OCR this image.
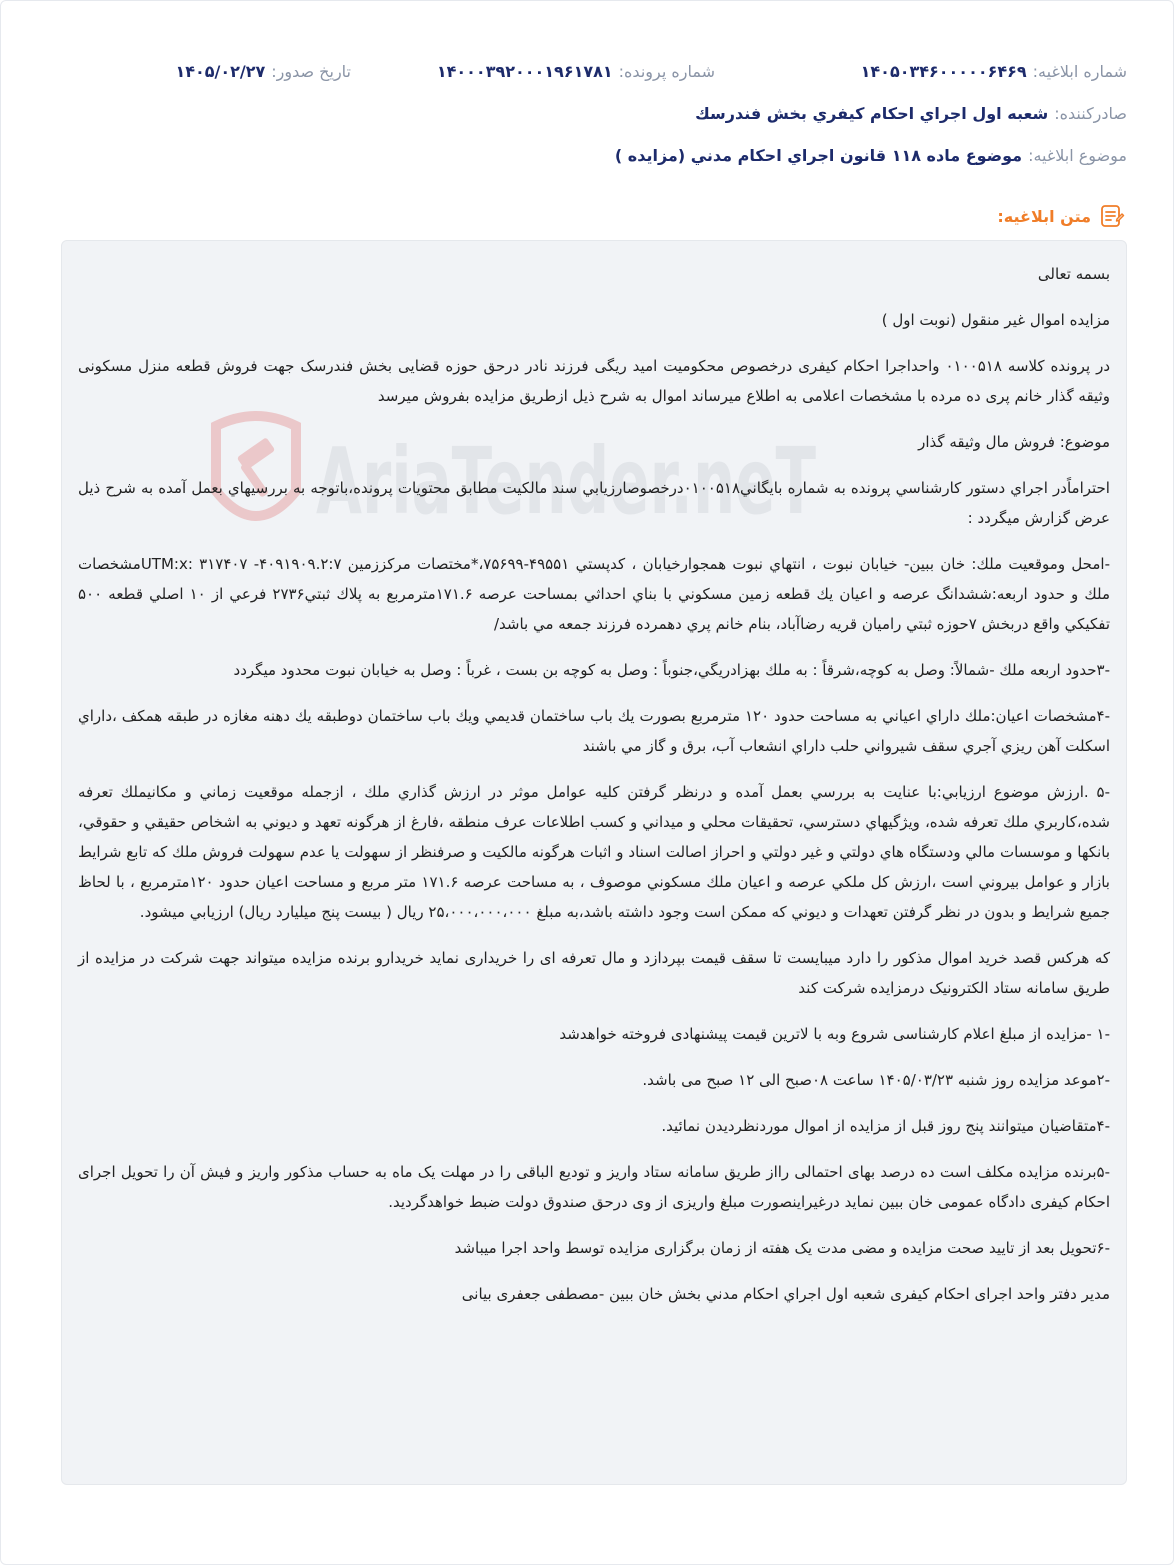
شماره ابلاغیه:
۱۴۰۵۰۳۴۶۰۰۰۰۰۶۴۶۹
شماره پرونده:
۱۴۰۰۰۳۹۲۰۰۰۱۹۶۱۷۸۱
تاریخ صدور:
۱۴۰۵/۰۲/۲۷
صادرکننده:
شعبه اول اجراي احكام كيفري بخش فندرسك
موضوع ابلاغیه:
موضوع ماده ۱۱۸ قانون اجراي احكام مدني (مزايده )
متن ابلاغیه:
AriaTender.neT

بسمه تعالی

مزایده اموال غیر منقول (نوبت اول )

در پرونده کلاسه ۰۱۰۰۵۱۸ واحداجرا احکام کیفری درخصوص محکومیت امید ریگی فرزند نادر درحق حوزه قضایی بخش فندرسک جهت فروش قطعه منزل مسکونی وثیقه گذار خانم پری ده مرده با مشخصات اعلامی به اطلاع میرساند اموال به شرح ذیل ازطریق مزایده بفروش میرسد

موضوع: فروش مال وثیقه گذار

احتراماًدر اجراي دستور كارشناسي پرونده به شماره بايگاني۰۱۰۰۵۱۸درخصوصارزيابي سند مالكيت مطابق محتويات پرونده،باتوجه به بررسيهاي بعمل آمده به شرح ذيل عرض گزارش ميگردد :

-امحل وموقعيت ملك: خان ببين- خيابان نبوت ، انتهاي نبوت همجوارخيابان ، كدپستي ۴۹۵۵۱-۷۵۶۹۹،*مختصات مركززمين UTM:x: ۳۱۷۴۰۷ -۴۰۹۱۹۰۹.۲:۷مشخصات ملك و حدود اربعه:ششدانگ عرصه و اعيان يك قطعه زمين مسكوني با بناي احداثي بمساحت عرصه ۱۷۱.۶مترمربع به پلاك ثبتي۲۷۳۶ فرعي از ۱۰ اصلي قطعه ۵۰۰ تفكيكي واقع دربخش ۷حوزه ثبتي راميان قريه رضاآباد، بنام خانم پري دهمرده فرزند جمعه مي باشد/

-۳حدود اربعه ملك -شمالاً: وصل به كوچه،شرقاً : به ملك بهزادريگي،جنوباً : وصل به كوچه بن بست ، غرباً : وصل به خيابان نبوت محدود ميگردد

-۴مشخصات اعيان:ملك داراي اعياني به مساحت حدود ۱۲۰ مترمربع بصورت يك باب ساختمان قديمي ويك باب ساختمان دوطبقه يك دهنه مغازه در طبقه همكف ،داراي اسكلت آهن ريزي آجري سقف شيرواني حلب داراي انشعاب آب، برق و گاز مي باشند

-۵ .ارزش موضوع ارزيابي:با عنايت به بررسي بعمل آمده و درنظر گرفتن كليه عوامل موثر در ارزش گذاري ملك ، ازجمله موقعيت زماني و مكانيملك تعرفه شده،كاربري ملك تعرفه شده، ويژگيهاي دسترسي، تحقيقات محلي و ميداني و كسب اطلاعات عرف منطقه ،فارغ از هرگونه تعهد و ديوني به اشخاص حقيقي و حقوقي، بانكها و موسسات مالي ودستگاه هاي دولتي و غير دولتي و احراز اصالت اسناد و اثبات هرگونه مالكيت و صرفنظر از سهولت يا عدم سهولت فروش ملك كه تابع شرايط بازار و عوامل بيروني است ،ارزش كل ملكي عرصه و اعيان ملك مسكوني موصوف ، به مساحت عرصه ۱۷۱.۶ متر مربع و مساحت اعيان حدود ۱۲۰مترمربع ، با لحاظ جميع شرايط و بدون در نظر گرفتن تعهدات و ديوني كه ممكن است وجود داشته باشد،به مبلغ ۲۵،۰۰۰،۰۰۰،۰۰۰ ريال ( بيست پنج ميليارد ريال) ارزيابي ميشود.

که هرکس قصد خرید اموال مذکور را دارد میبایست تا سقف قیمت بپردازد و مال تعرفه ای را خریداری نماید خریدارو برنده مزایده میتواند جهت شرکت در مزایده از طریق سامانه ستاد الکترونیک درمزایده شرکت کند

-۱ -مزایده از مبلغ اعلام کارشناسی شروع وبه با لاترین قیمت پیشنهادی فروخته خواهدشد

-۲موعد مزایده روز شنبه ۱۴۰۵/۰۳/۲۳ ساعت ۰۸صبح الی ۱۲ صبح می باشد.

-۴متقاضیان میتوانند پنج روز قبل از مزایده از اموال موردنظردیدن نمائید.

-۵برنده مزایده مکلف است ده درصد بهای احتمالی رااز طریق سامانه ستاد واریز و تودیع الباقی را در مهلت یک ماه به حساب مذکور واریز و فیش آن را تحویل اجرای احکام کیفری دادگاه عمومی خان ببین نماید درغیراینصورت مبلغ واریزی از وی درحق صندوق دولت ضبط خواهدگردید.

-۶تحویل بعد از تایید صحت مزایده و مضی مدت یک هفته از زمان برگزاری مزایده توسط واحد اجرا میباشد

مدیر دفتر واحد اجرای احکام کیفری شعبه اول اجراي احكام مدني بخش خان ببين -مصطفی جعفری بیانی
